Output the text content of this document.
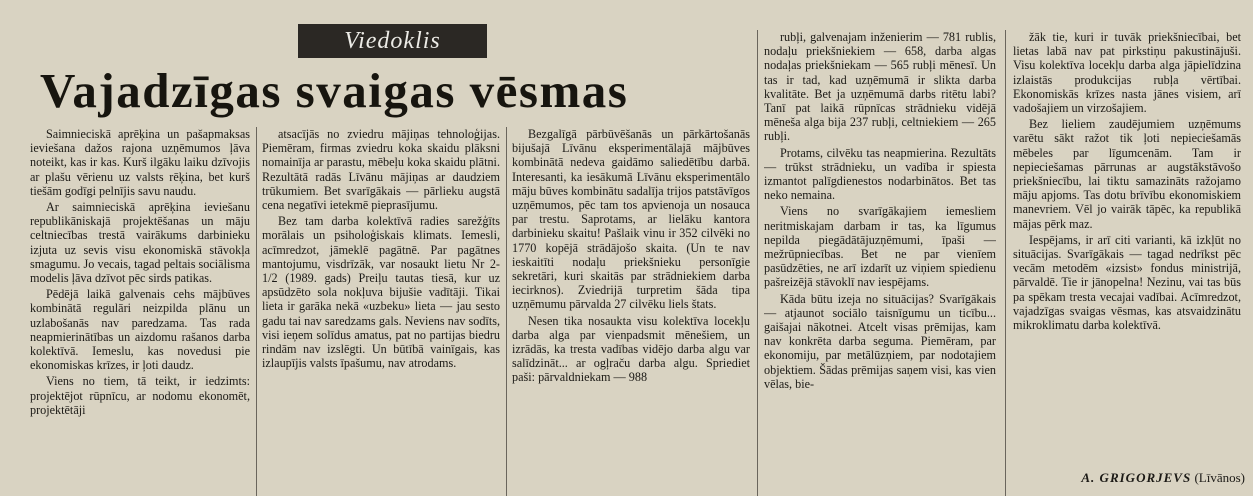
Viedoklis
Vajadzīgas svaigas vēsmas

Saimnieciskā aprēķina un pašapmaksas ieviešana dažos rajona uzņēmumos ļāva noteikt, kas ir kas. Kurš ilgāku laiku dzīvojis ar plašu vērienu uz valsts rēķina, bet kurš tiešām godīgi pelnījis savu naudu.

Ar saimnieciskā aprēķina ieviešanu republikāniskajā projektēšanas un māju celtniecības trestā vairākums darbinieku izjuta uz sevis visu ekonomiskā stāvokļa smagumu. Jo vecais, tagad peltais sociālisma modelis ļāva dzīvot pēc sirds patikas.

Pēdējā laikā galvenais cehs mājbūves kombinātā regulāri neizpilda plānu un uzlabošanās nav paredzama. Tas rada neapmierinātības un aizdomu rašanos darba kolektīvā. Iemeslu, kas novedusi pie ekonomiskas krīzes, ir ļoti daudz.

Viens no tiem, tā teikt, ir iedzimts: projektējot rūpnīcu, ar nodomu ekonomēt, projektētāji

atsacījās no zviedru mājiņas tehnoloģijas. Piemēram, firmas zviedru koka skaidu plāksni nomainīja ar parastu, mēbeļu koka skaidu plātni. Rezultātā radās Līvānu mājiņas ar daudziem trūkumiem. Bet svarīgākais — pārlieku augstā cena negatīvi ietekmē pieprasījumu.

Bez tam darba kolektīvā radies sarežģīts morālais un psiholoģiskais klimats. Iemesli, acīmredzot, jāmeklē pagātnē. Par pagātnes mantojumu, visdrīzāk, var nosaukt lietu Nr 2-1/2 (1989. gads) Preiļu tautas tiesā, kur uz apsūdzēto sola nokļuva bijušie vadītāji. Tikai lieta ir garāka nekā «uzbeku» lieta — jau sesto gadu tai nav saredzams gals. Neviens nav sodīts, visi ieņem solīdus amatus, pat no partijas biedru rindām nav izslēgti. Un būtībā vainīgais, kas izlaupījis valsts īpašumu, nav atrodams.

Bezgalīgā pārbūvēšanās un pārkārtošanās bijušajā Līvānu eksperimentālajā mājbūves kombinātā nedeva gaidāmo saliedētību darbā. Interesanti, ka iesākumā Līvānu eksperimentālo māju būves kombinātu sadalīja trijos patstāvīgos uzņēmumos, pēc tam tos apvienoja un nosauca par trestu. Saprotams, ar lielāku kantora darbinieku skaitu! Pašlaik vinu ir 352 cilvēki no 1770 kopējā strādājošo skaita. (Un te nav ieskaitīti nodaļu priekšnieku personīgie sekretāri, kuri skaitās par strādniekiem darba iecirknos). Zviedrijā turpretim šāda tipa uzņēmumu pārvalda 27 cilvēku liels štats.

Nesen tika nosaukta visu kolektīva locekļu darba alga par vienpadsmit mēnešiem, un izrādās, ka tresta vadības vidējo darba algu var salīdzināt... ar ogļraču darba algu. Spriediet paši: pārvaldniekam — 988

rubļi, galvenajam inženierim — 781 rublis, nodaļu priekšniekiem — 658, darba algas nodaļas priekšniekam — 565 rubļi mēnesī. Un tas ir tad, kad uzņēmumā ir slikta darba kvalitāte. Bet ja uzņēmumā darbs ritētu labi? Tanī pat laikā rūpnīcas strādnieku vidējā mēneša alga bija 237 rubļi, celtniekiem — 265 rubļi.

Protams, cilvēku tas neapmierina. Rezultāts — trūkst strādnieku, un vadība ir spiesta izmantot palīgdienestos nodarbinātos. Bet tas neko nemaina.

Viens no svarīgākajiem iemesliem neritmiskajam darbam ir tas, ka līgumus nepilda piegādātājuzņēmumi, īpaši — mežrūpniecības. Bet ne par vienīem pasūdzēties, ne arī izdarīt uz viņiem spiedienu pašreizējā stāvoklī nav iespējams.

Kāda būtu izeja no situācijas? Svarīgākais — atjaunot sociālo taisnīgumu un ticību... gaišajai nākotnei. Atcelt visas prēmijas, kam nav konkrēta darba seguma. Piemēram, par ekonomiju, par metālūzņiem, par nodotajiem objektiem. Šādas prēmijas saņem visi, kas vien vēlas, bie-

žāk tie, kuri ir tuvāk priekšniecībai, bet lietas labā nav pat pirkstiņu pakustinājuši. Visu kolektīva locekļu darba alga jāpielīdzina izlaistās produkcijas rubļa vērtībai. Ekonomiskās krīzes nasta jānes visiem, arī vadošajiem un virzošajiem.

Bez lieliem zaudējumiem uzņēmums varētu sākt ražot tik ļoti nepieciešamās mēbeles par līgumcenām. Tam ir nepieciešamas pārrunas ar augstākstāvošo priekšniecību, lai tiktu samazināts ražojamo māju apjoms. Tas dotu brīvību ekonomiskiem manevriem. Vēl jo vairāk tāpēc, ka republikā mājas pērk maz.

Iespējams, ir arī citi varianti, kā izkļūt no situācijas. Svarīgākais — tagad nedrīkst pēc vecām metodēm «izsist» fondus ministrijā, pārvaldē. Tie ir jānopelna! Nezinu, vai tas būs pa spēkam tresta vecajai vadībai. Acīmredzot, vajadzīgas svaigas vēsmas, kas atsvaidzinātu mikroklimatu darba kolektīvā.

A. GRIGORJEVS (Līvānos)
